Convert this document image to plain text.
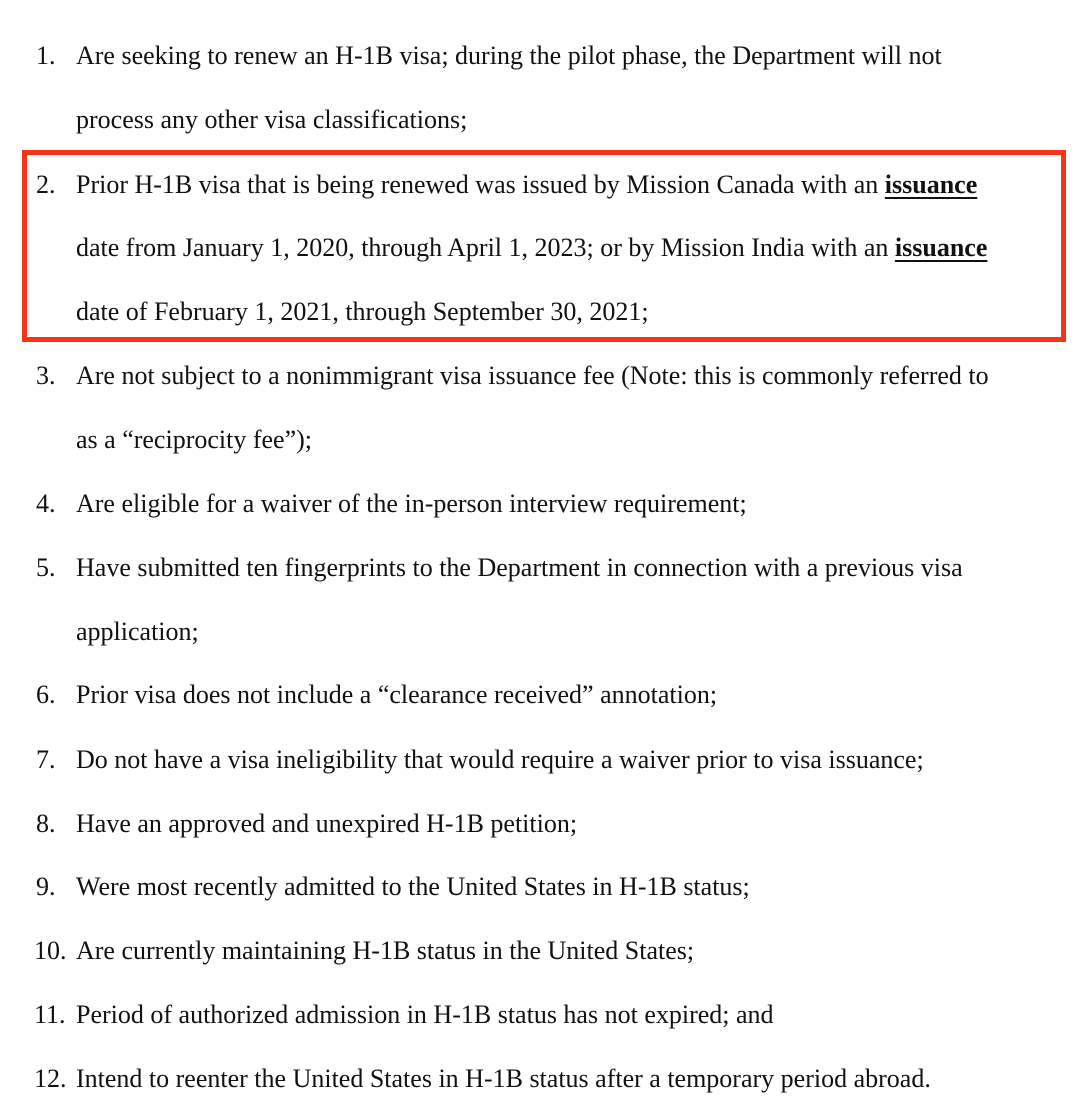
1. Are seeking to renew an H-1B visa; during the pilot phase, the Department will not
process any other visa classifications;
2. Prior H-1B visa that is being renewed was issued by Mission Canada with an issuance
date from January 1, 2020, through April 1, 2023; or by Mission India with an issuance
date of February 1, 2021, through September 30, 2021;
3. Are not subject to a nonimmigrant visa issuance fee (Note: this is commonly referred to
as a “reciprocity fee”);
4. Are eligible for a waiver of the in-person interview requirement;
5. Have submitted ten fingerprints to the Department in connection with a previous visa
application;
6. Prior visa does not include a “clearance received” annotation;
7. Do not have a visa ineligibility that would require a waiver prior to visa issuance;
8. Have an approved and unexpired H-1B petition;
9. Were most recently admitted to the United States in H-1B status;
10. Are currently maintaining H-1B status in the United States;
11. Period of authorized admission in H-1B status has not expired; and
12. Intend to reenter the United States in H-1B status after a temporary period abroad.
